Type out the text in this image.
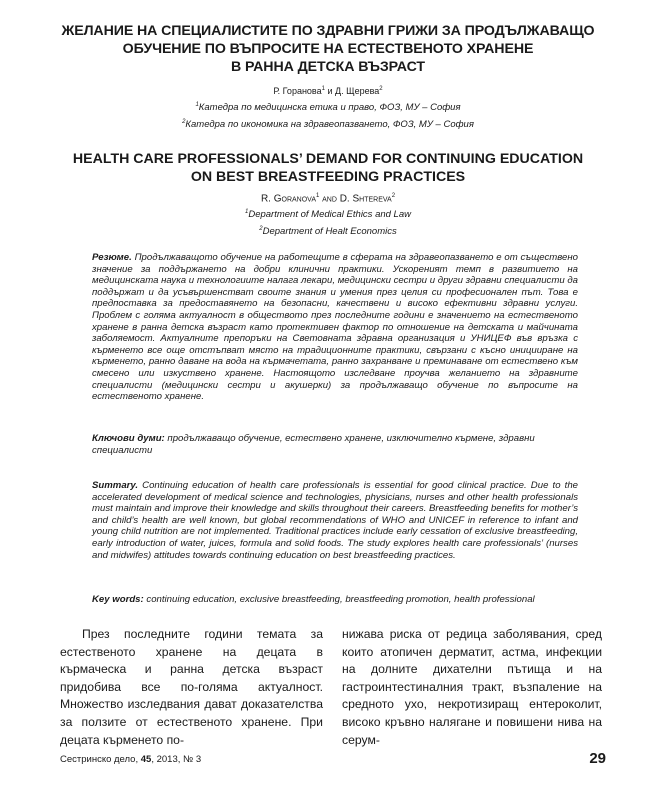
ЖЕЛАНИЕ НА СПЕЦИАЛИСТИТЕ ПО ЗДРАВНИ ГРИЖИ ЗА ПРОДЪЛЖАВАЩО
ОБУЧЕНИЕ ПО ВЪПРОСИТЕ НА ЕСТЕСТВЕНОТО ХРАНЕНЕ
В РАННА ДЕТСКА ВЪЗРАСТ
Р. Горанова$^1$ и Д. Щерева$^2$
$^1$Катедра по медицинска етика и право, ФОЗ, МУ – София
$^2$Катедра по икономика на здравеопазването, ФОЗ, МУ – София
HEALTH CARE PROFESSIONALS’ DEMAND FOR CONTINUING EDUCATION
ON BEST BREASTFEEDING PRACTICES
R. Goranova$^1$ and D. Shtereva$^2$
$^1$Department of Medical Ethics and Law
$^2$Department of Healt Economics
Резюме. Продължаващото обучение на работещите в сферата на здравеопазването е от съществено значение за поддържането на добри клинични практики. Ускореният темп в развитието на медицинската наука и технологиите налага лекари, медицински сестри и други здравни специалисти да поддържат и да усъвършенстват своите знания и умения през целия си професионален път. Това е предпоставка за предоставянето на безопасни, качествени и високо ефективни здравни услуги. Проблем с голяма актуалност в обществото през последните години е значението на естественото хранене в ранна детска възраст като протективен фактор по отношение на детската и майчината заболяемост. Актуалните препоръки на Световната здравна организация и УНИЦЕФ във връзка с кърменето все още отстъпват място на традиционните практики, свързани с късно иницииране на кърменето, ранно даване на вода на кърмачетата, ранно захранване и преминаване от естествено към смесено или изкуствено хранене. Настоящото изследване проучва желанието на здравните специалисти (медицински сестри и акушерки) за продължаващо обучение по въпросите на естественото хранене.
Ключови думи: продължаващо обучение, естествено хранене, изключително кърмене, здравни специалисти
Summary. Continuing education of health care professionals is essential for good clinical practice. Due to the accelerated development of medical science and technologies, physicians, nurses and other health professionals must maintain and improve their knowledge and skills throughout their careers. Breastfeeding benefits for mother’s and child’s health are well known, but global recommendations of WHO and UNICEF in reference to infant and young child nutrition are not implemented. Traditional practices include early cessation of exclusive breastfeeding, early introduction of water, juices, formula and solid foods. The study explores health care professionals’ (nurses and midwifes) attitudes towards continuing education on best breastfeeding practices.
Key words: continuing education, exclusive breastfeeding, breastfeeding promotion, health professional
През последните години темата за естественото хранене на децата в кърмаческа и ранна детска възраст придобива все по-голяма актуалност. Множество изследвания дават доказателства за ползите от естественото хранене. При децата кърменето по-
нижава риска от редица заболявания, сред които атопичен дерматит, астма, инфекции на долните дихателни пътища и на гастроинтестиналния тракт, възпаление на средното ухо, некротизиращ ентероколит, високо кръвно налягане и повишени нива на серум-
Сестринско дело, 45, 2013, № 3	29
